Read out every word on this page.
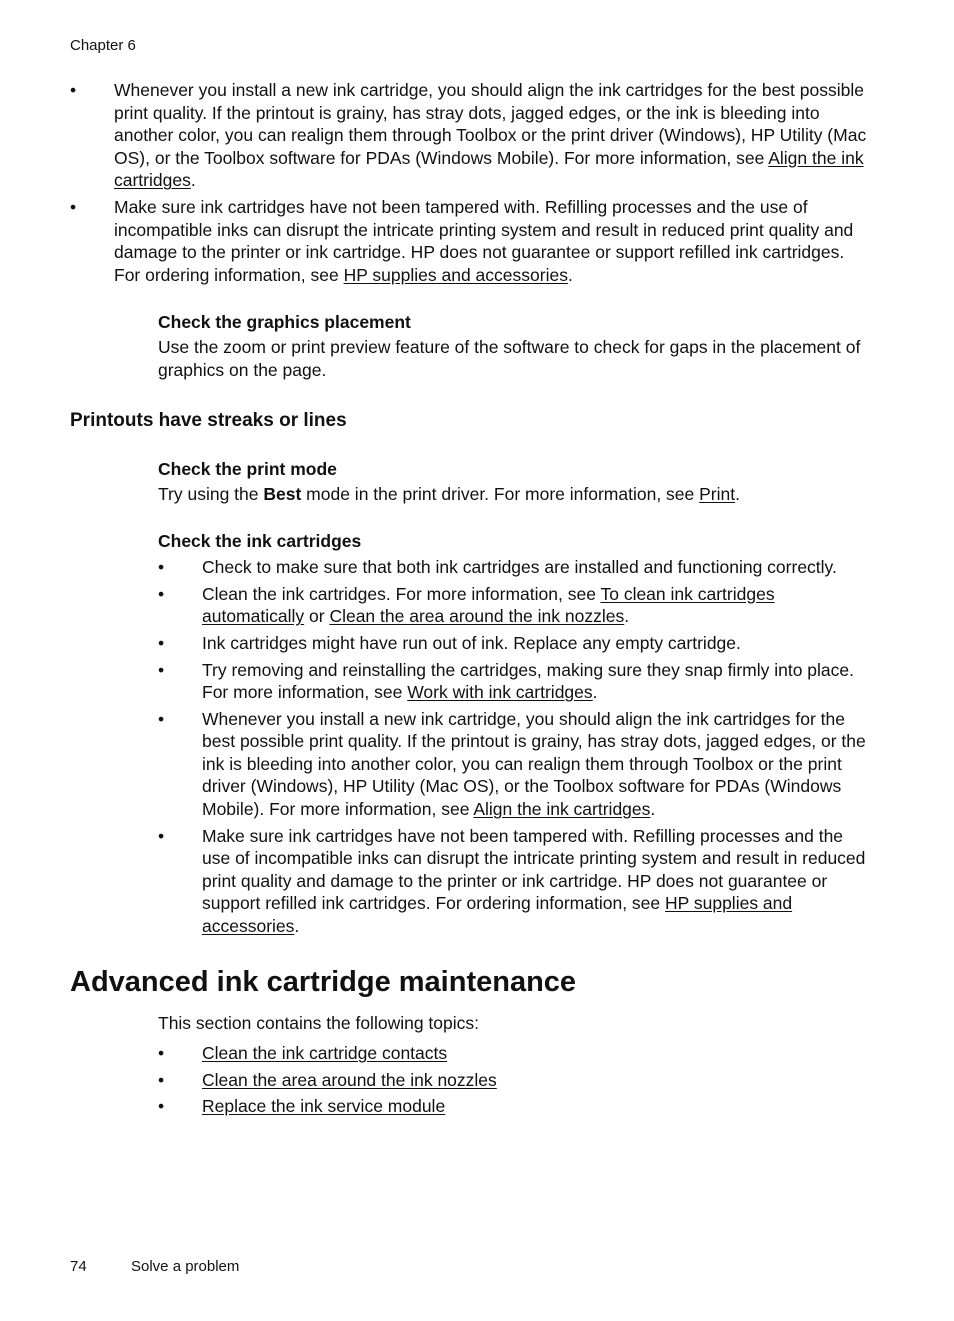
Chapter 6
• Whenever you install a new ink cartridge, you should align the ink cartridges for the best possible print quality. If the printout is grainy, has stray dots, jagged edges, or the ink is bleeding into another color, you can realign them through Toolbox or the print driver (Windows), HP Utility (Mac OS), or the Toolbox software for PDAs (Windows Mobile). For more information, see Align the ink cartridges.
• Make sure ink cartridges have not been tampered with. Refilling processes and the use of incompatible inks can disrupt the intricate printing system and result in reduced print quality and damage to the printer or ink cartridge. HP does not guarantee or support refilled ink cartridges. For ordering information, see HP supplies and accessories.
Check the graphics placement

Use the zoom or print preview feature of the software to check for gaps in the placement of graphics on the page.

Printouts have streaks or lines
Check the print mode

Try using the Best mode in the print driver. For more information, see Print.

Check the ink cartridges
• Check to make sure that both ink cartridges are installed and functioning correctly.
• Clean the ink cartridges. For more information, see To clean ink cartridges automatically or Clean the area around the ink nozzles.
• Ink cartridges might have run out of ink. Replace any empty cartridge.
• Try removing and reinstalling the cartridges, making sure they snap firmly into place. For more information, see Work with ink cartridges.
• Whenever you install a new ink cartridge, you should align the ink cartridges for the best possible print quality. If the printout is grainy, has stray dots, jagged edges, or the ink is bleeding into another color, you can realign them through Toolbox or the print driver (Windows), HP Utility (Mac OS), or the Toolbox software for PDAs (Windows Mobile). For more information, see Align the ink cartridges.
• Make sure ink cartridges have not been tampered with. Refilling processes and the use of incompatible inks can disrupt the intricate printing system and result in reduced print quality and damage to the printer or ink cartridge. HP does not guarantee or support refilled ink cartridges. For ordering information, see HP supplies and accessories.
Advanced ink cartridge maintenance

This section contains the following topics:

• Clean the ink cartridge contacts
• Clean the area around the ink nozzles
• Replace the ink service module
74	Solve a problem
